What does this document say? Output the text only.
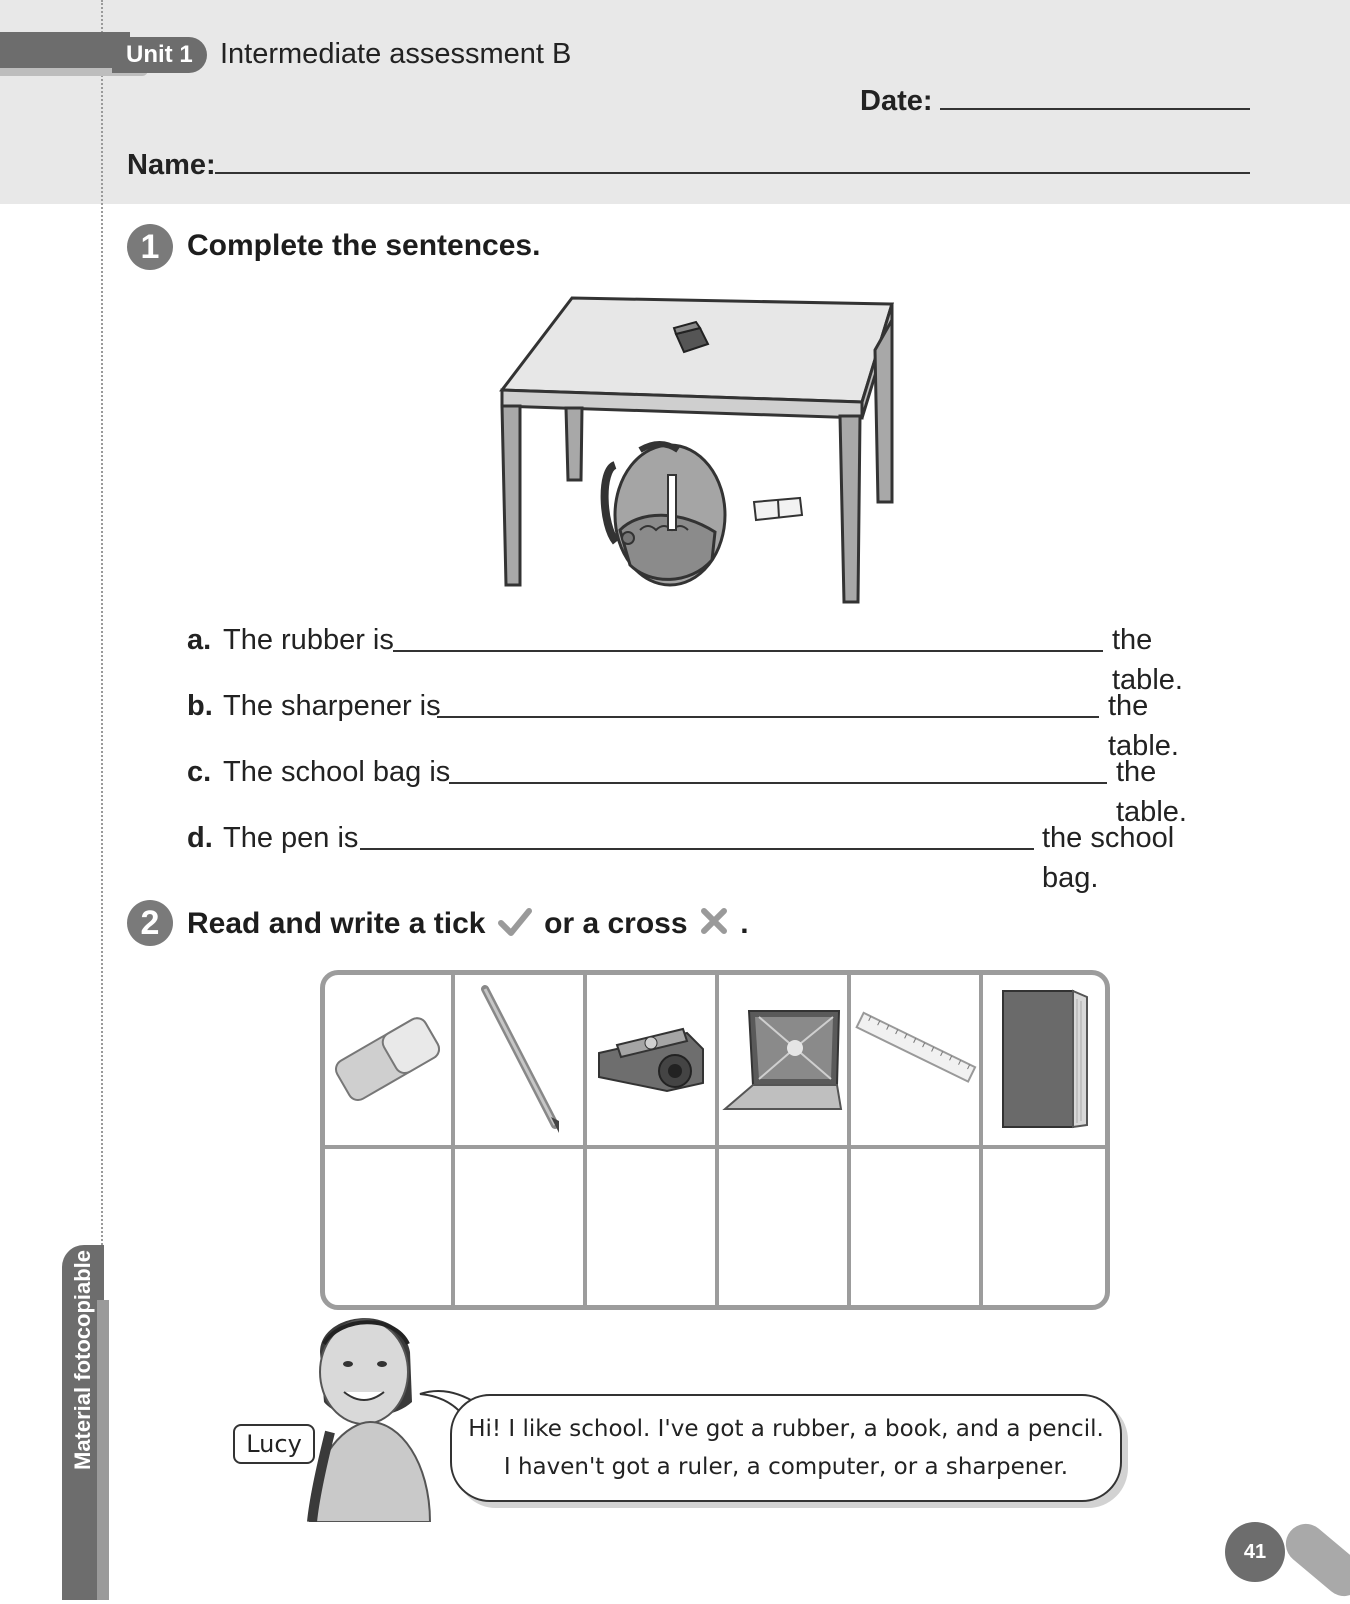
Unit 1 Intermediate assessment B
Date:
Name:
1 Complete the sentences.
a. The rubber is	the table.
b. The sharpener is	the table.
c. The school bag is	the table.
d. The pen is	the school bag.
2 Read and write a tick or a cross .
Lucy
Hi! I like school. I've got a rubber, a book, and a pencil.
I haven't got a ruler, a computer, or a sharpener.
Material fotocopiable
41
